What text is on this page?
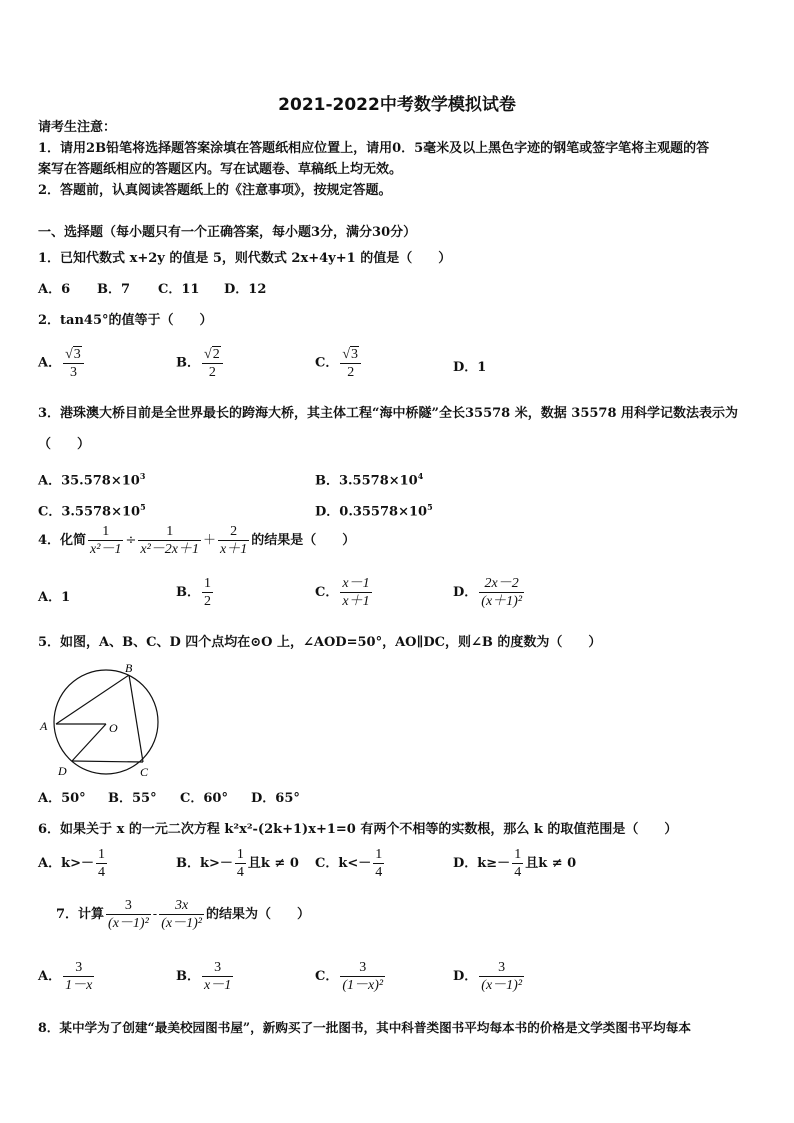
2021-2022中考数学模拟试卷
请考生注意：
1．请用2B铅笔将选择题答案涂填在答题纸相应位置上，请用0．5毫米及以上黑色字迹的钢笔或签字笔将主观题的答
案写在答题纸相应的答题区内。写在试题卷、草稿纸上均无效。
2．答题前，认真阅读答题纸上的《注意事项》，按规定答题。
一、选择题（每小题只有一个正确答案，每小题3分，满分30分）
1．已知代数式 x+2y 的值是 5，则代数式 2x+4y+1 的值是（　　）
A．6 B．7 C．11 D．12
2．tan45°的值等于（　　）
A． $\frac{√3}{3}$	B． $\frac{√2}{2}$	C． $\frac{√3}{2}$	D．1
3．港珠澳大桥目前是全世界最长的跨海大桥，其主体工程“海中桥隧”全长35578 米，数据 35578 用科学记数法表示为
（　　）
A．$35.578\times 10^3$	B．$3.5578\times 10^4$
C．$3.5578\times 10^5$	D．$0.35578\times 10^5$
4．化简 $\frac{1}{\text{x²－1}} \div \frac{1}{\text{x²－2x＋1}} + \frac{2}{x+1}$ 的结果是（　　）
A．1	B． $\frac{1}{2}$	C． $\frac{x-1}{x+1}$	D． $\frac{2x-2}{\text{(x＋1)²}}$
5．如图，A、B、C、D 四个点均在⊙O 上，∠AOD=50°，AO∥DC，则∠B 的度数为（　　）
B
A	O
D	C
A．50° B．55° C．60° D．65°
6．如果关于 x 的一元二次方程 k²x²-(2k+1)x+1=0 有两个不相等的实数根，那么 k 的取值范围是（　　）
A．$k>- \frac{1}{4}$	B．$k>- \frac{1}{4}$ 且k ≠ 0 C．$k<- \frac{1}{4}$	D．$k\ge- \frac{1}{4}$ 且k ≠ 0
7．计算 $\frac{3}{\text{(x－1)²}} - \frac{3x}{\text{(x－1)²}}$ 的结果为（　　）
A． $\frac{3}{1-x}$	B． $\frac{3}{x-1}$	C． $\frac{3}{\text{(1－x)²}}$	D． $\frac{3}{\text{(x－1)²}}$
8．某中学为了创建“最美校园图书屋”，新购买了一批图书，其中科普类图书平均每本书的价格是文学类图书平均每本
